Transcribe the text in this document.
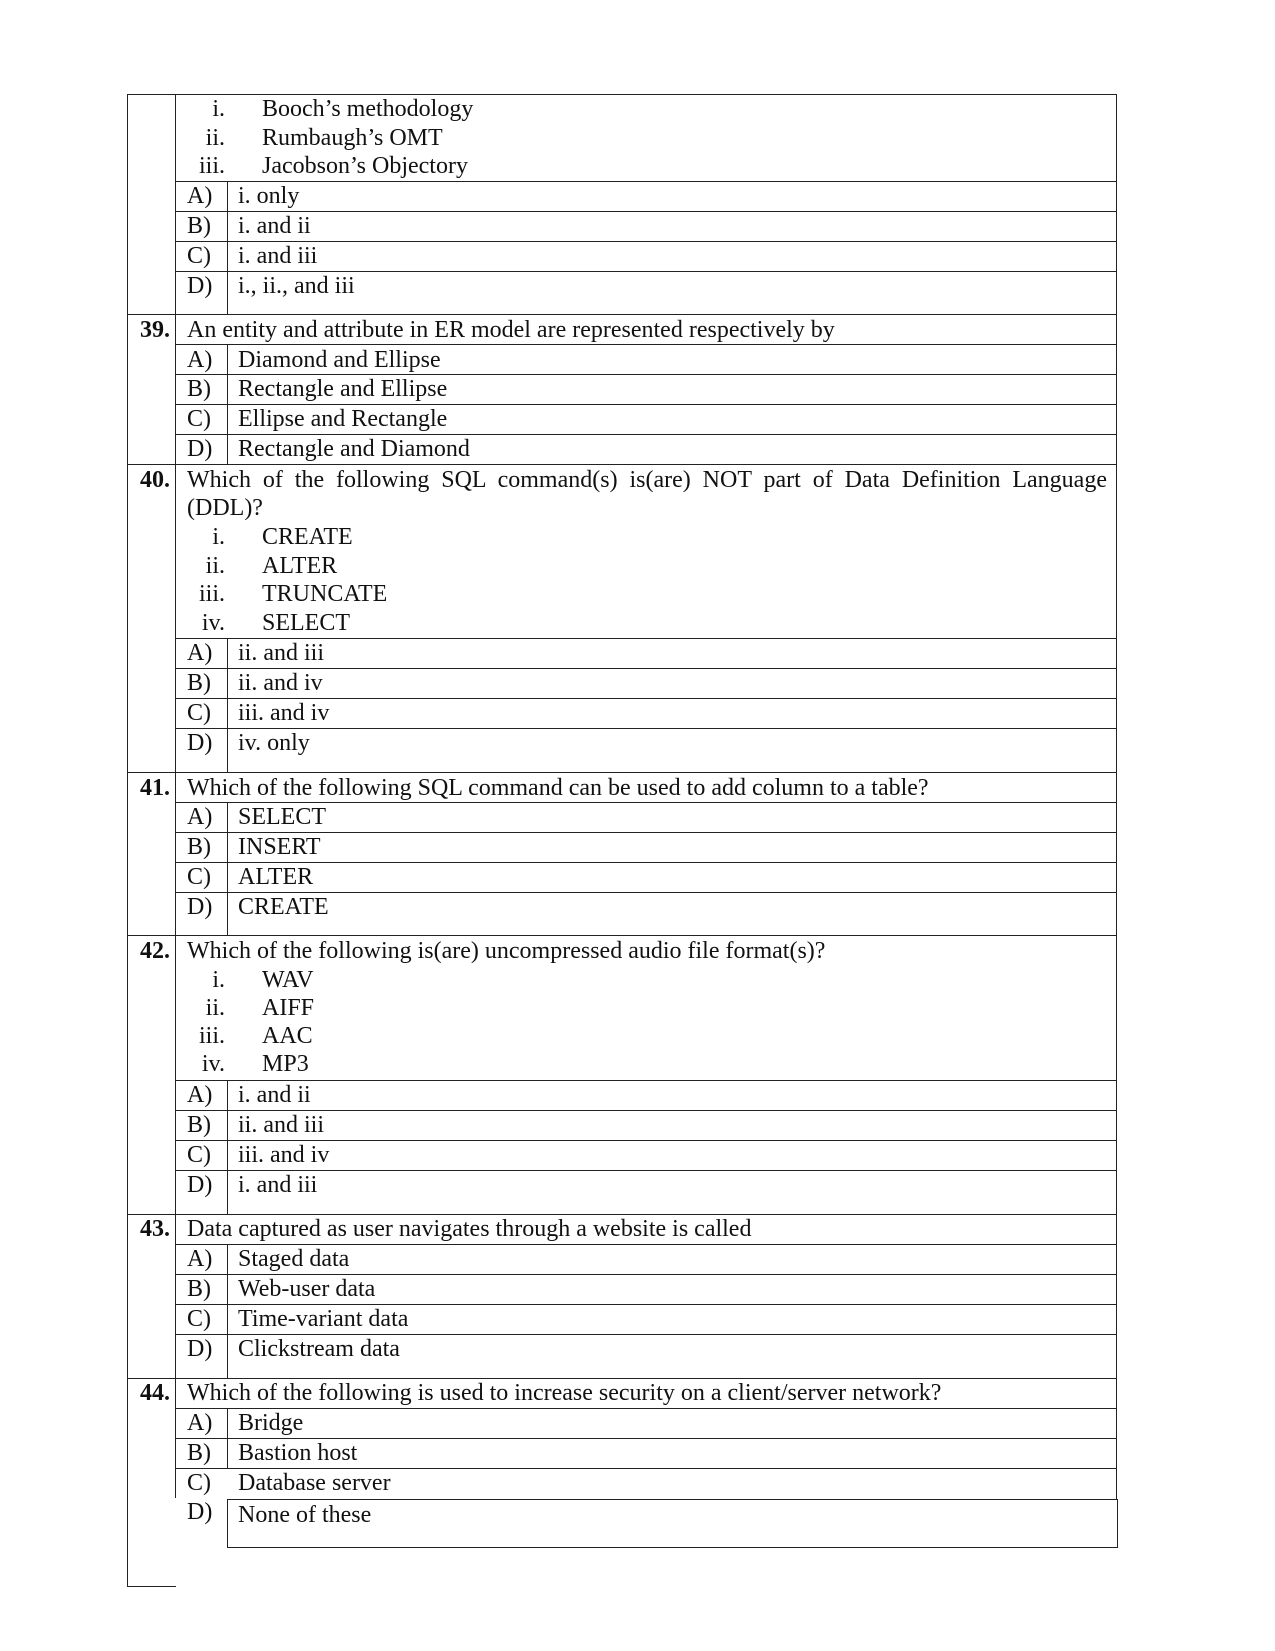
i. Booch’s methodology
ii. Rumbaugh’s OMT
iii. Jacobson’s Objectory
A) i. only
B) i. and ii
C) i. and iii
D) i., ii., and iii
39. An entity and attribute in ER model are represented respectively by
A) Diamond and Ellipse
B) Rectangle and Ellipse
C) Ellipse and Rectangle
D) Rectangle and Diamond
40. Which of the following SQL command(s) is(are) NOT part of Data Definition Language
(DDL)?
i. CREATE
ii. ALTER
iii. TRUNCATE
iv. SELECT
A) ii. and iii
B) ii. and iv
C) iii. and iv
D) iv. only
41. Which of the following SQL command can be used to add column to a table?
A) SELECT
B) INSERT
C) ALTER
D) CREATE
42. Which of the following is(are) uncompressed audio file format(s)?
i. WAV
ii. AIFF
iii. AAC
iv. MP3
A) i. and ii
B) ii. and iii
C) iii. and iv
D) i. and iii
43. Data captured as user navigates through a website is called
A) Staged data
B) Web-user data
C) Time-variant data
D) Clickstream data
44. Which of the following is used to increase security on a client/server network?
A) Bridge
B) Bastion host
C) Database server
D) None of these
